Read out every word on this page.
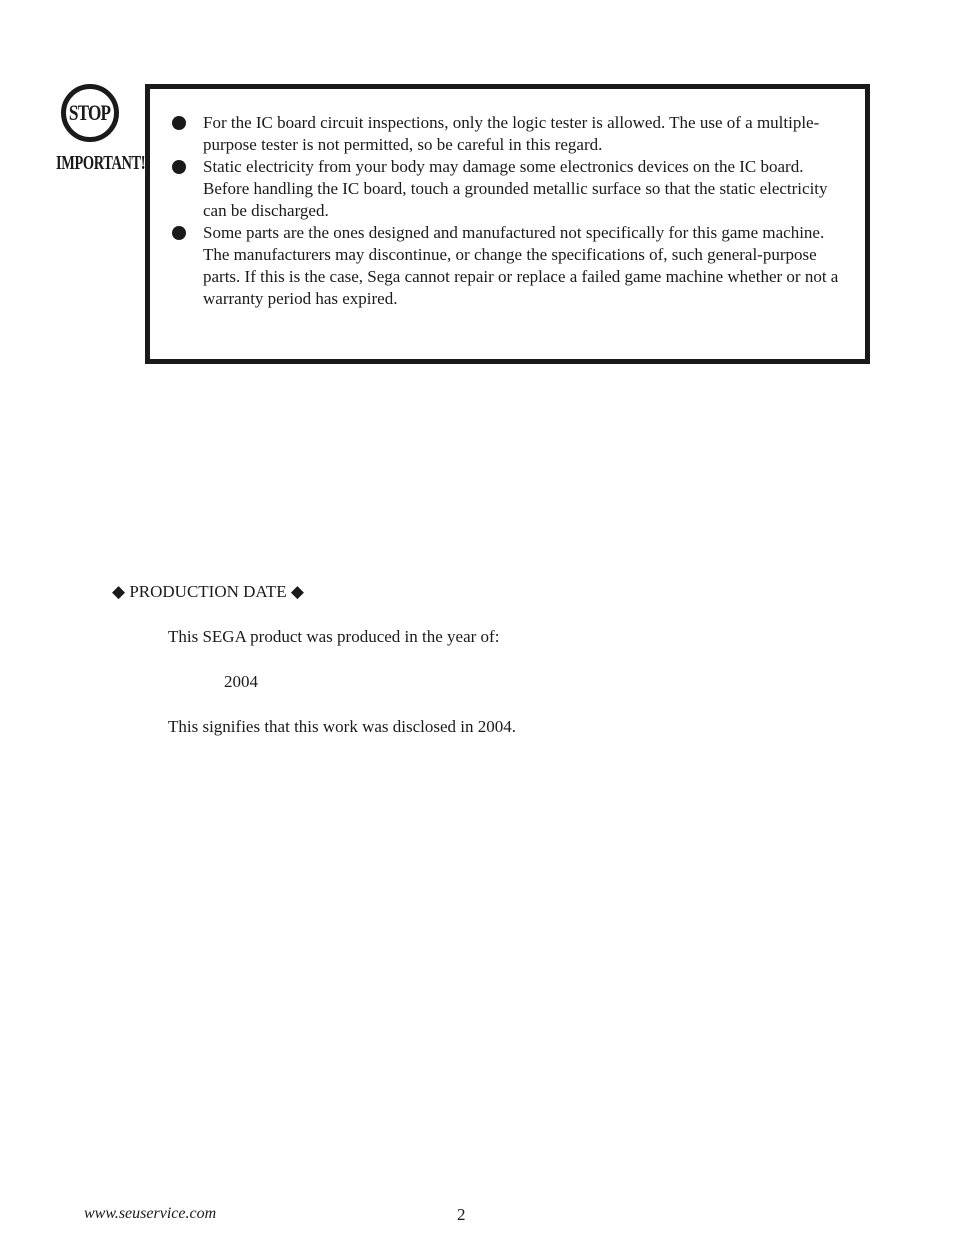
STOP
IMPORTANT!
For the IC board circuit inspections, only the logic tester is allowed. The use of a multiple-purpose tester is not permitted, so be careful in this regard.
Static electricity from your body may damage some electronics devices on the IC board. Before handling the IC board, touch a grounded metallic surface so that the static electricity can be discharged.
Some parts are the ones designed and manufactured not specifically for this game machine. The manufacturers may discontinue, or change the specifications of, such general-purpose parts. If this is the case, Sega cannot repair or replace a failed game machine whether or not a warranty period has expired.
◆ PRODUCTION DATE ◆
This SEGA product was produced in the year of:
2004
This signifies that this work was disclosed in 2004.
www.seuservice.com	2
